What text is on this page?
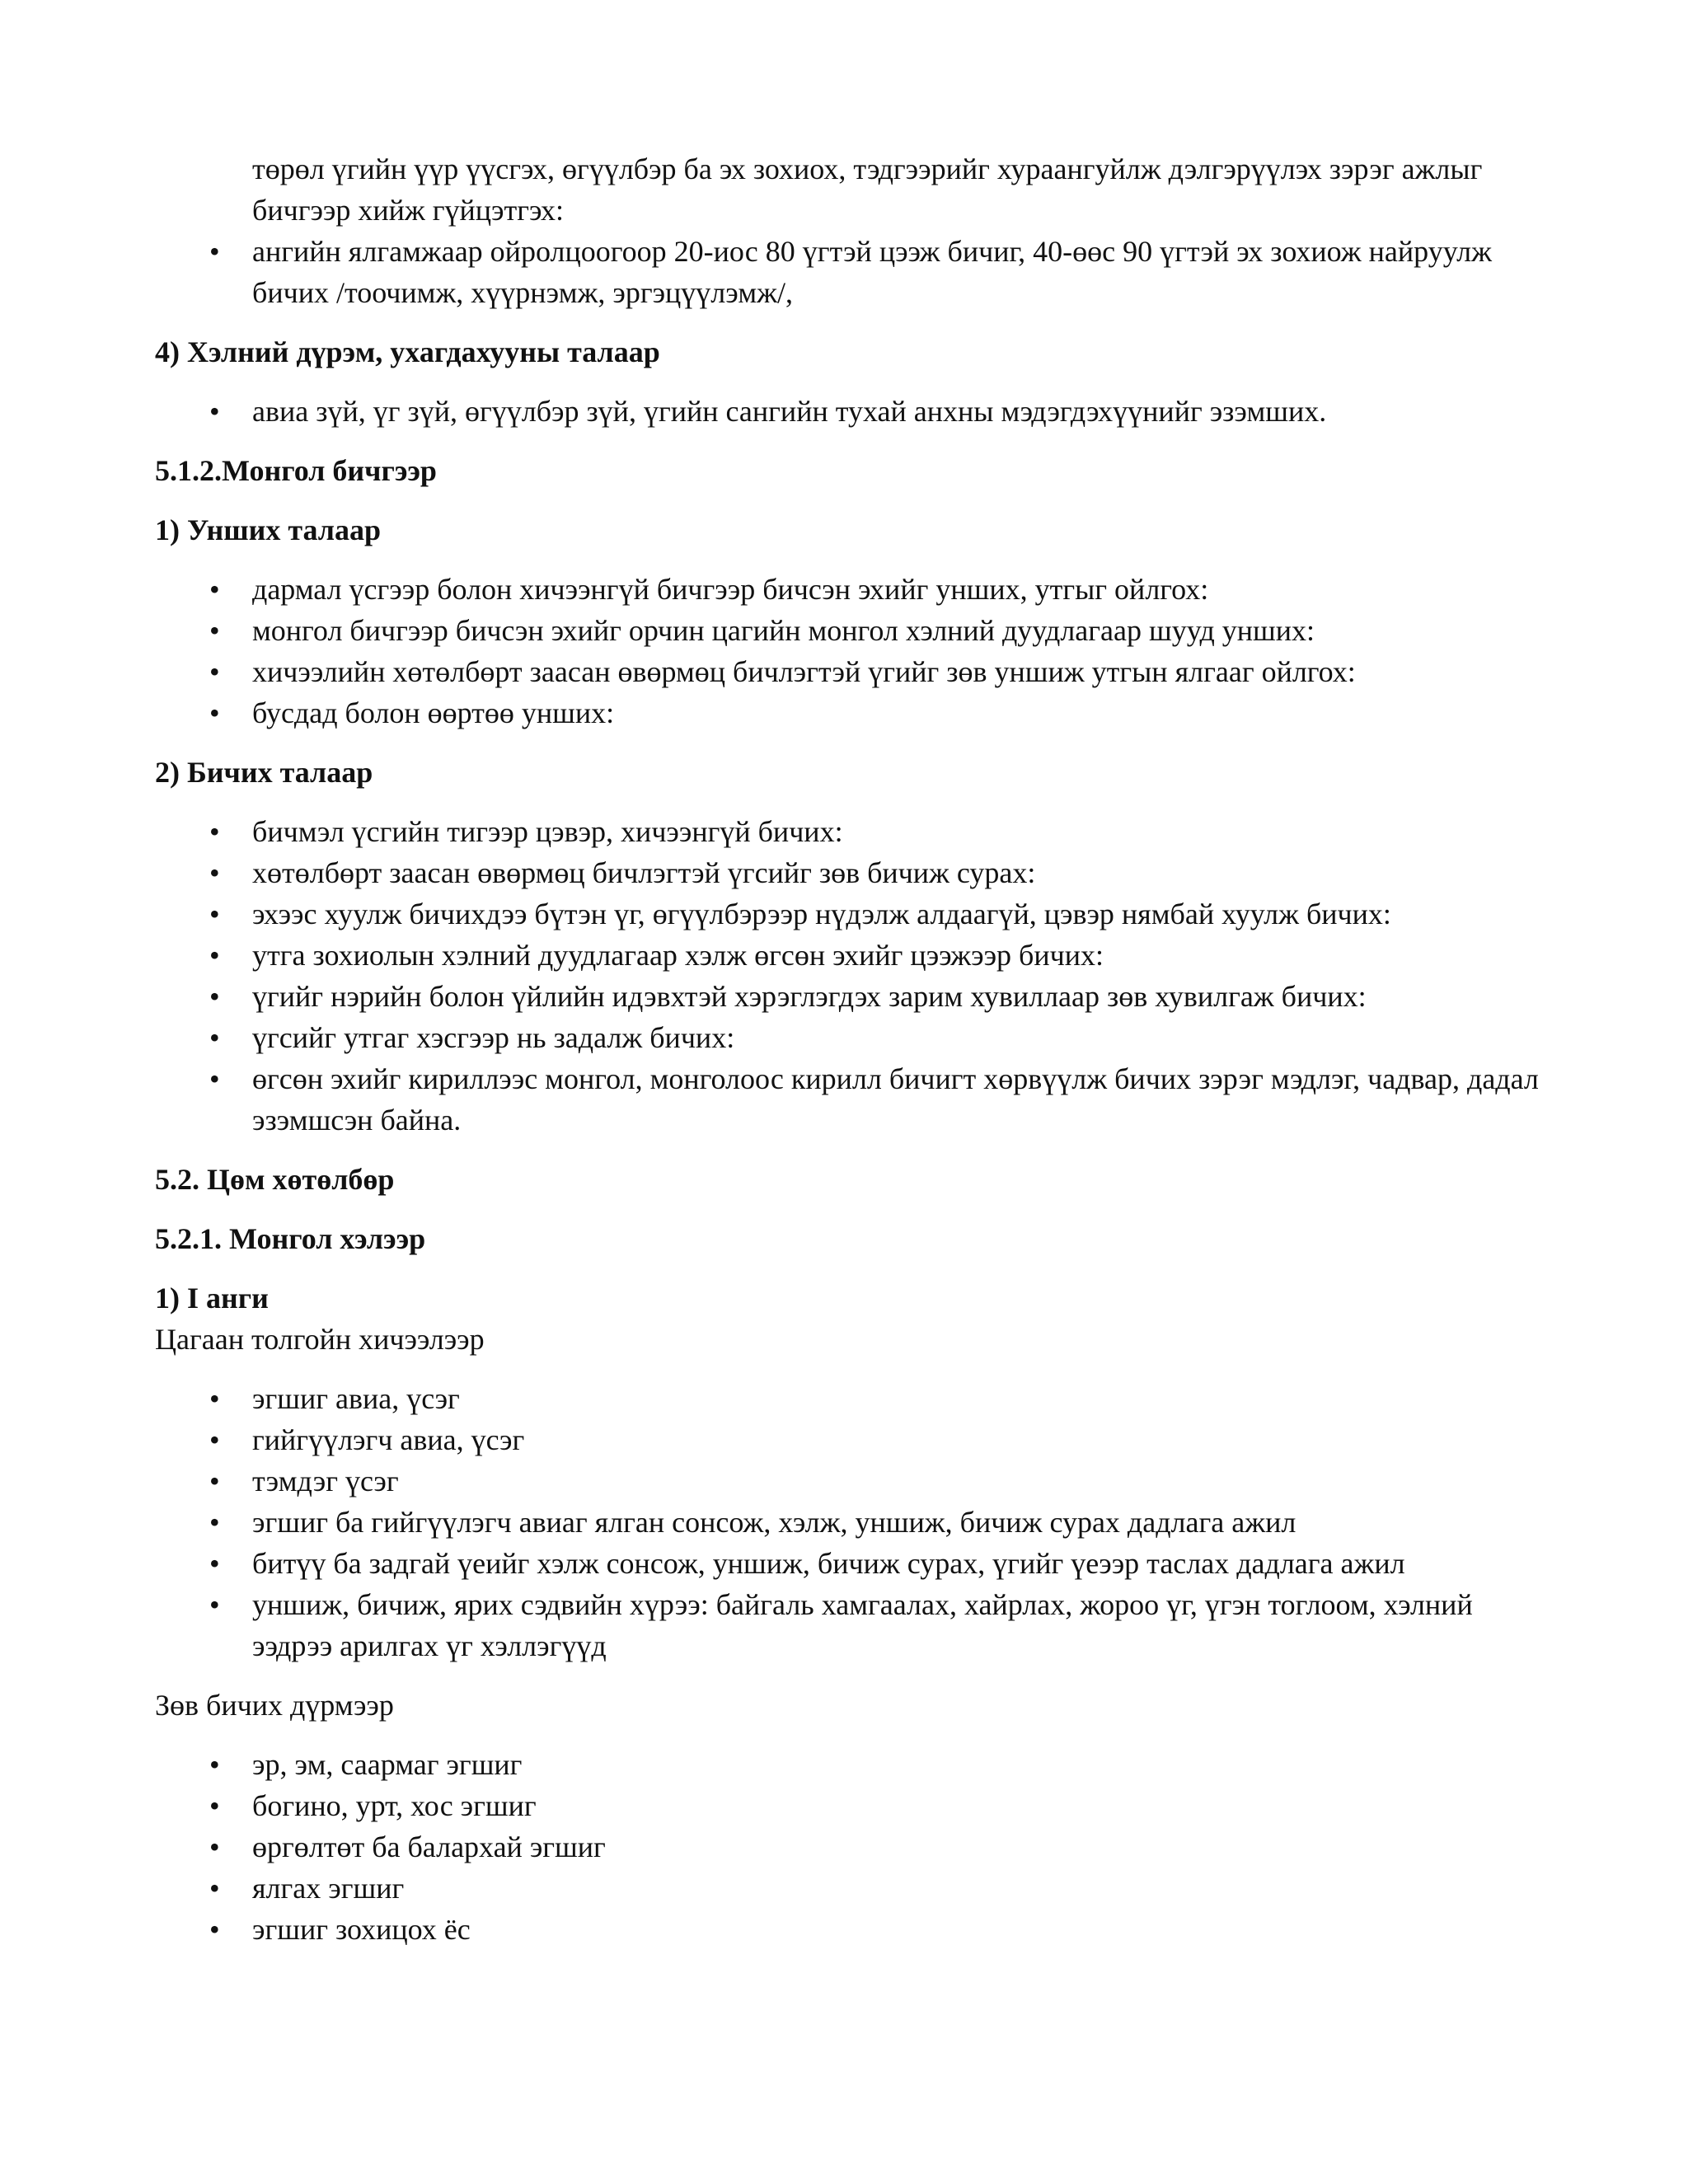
төрөл үгийн үүр үүсгэх, өгүүлбэр ба эх зохиох, тэдгээрийг хураангуйлж дэлгэрүүлэх зэрэг ажлыг бичгээр хийж гүйцэтгэх:
• ангийн ялгамжаар ойролцоогоор 20-иос 80 үгтэй цээж бичиг, 40-өөс 90 үгтэй эх зохиож найруулж бичих /тоочимж, хүүрнэмж, эргэцүүлэмж/,
4) Хэлний дүрэм, ухагдахууны талаар
• авиа зүй, үг зүй, өгүүлбэр зүй, үгийн сангийн тухай анхны мэдэгдэхүүнийг эзэмших.
5.1.2.Монгол бичгээр
1) Унших талаар
• дармал үсгээр болон хичээнгүй бичгээр бичсэн эхийг унших, утгыг ойлгох:
• монгол бичгээр бичсэн эхийг орчин цагийн монгол хэлний дуудлагаар шууд унших:
• хичээлийн хөтөлбөрт заасан өвөрмөц бичлэгтэй үгийг зөв уншиж утгын ялгааг ойлгох:
• бусдад болон өөртөө унших:
2) Бичих талаар
• бичмэл үсгийн тигээр цэвэр, хичээнгүй бичих:
• хөтөлбөрт заасан өвөрмөц бичлэгтэй үгсийг зөв бичиж сурах:
• эхээс хуулж бичихдээ бүтэн үг, өгүүлбэрээр нүдэлж алдаагүй, цэвэр нямбай хуулж бичих:
• утга зохиолын хэлний дуудлагаар хэлж өгсөн эхийг цээжээр бичих:
• үгийг нэрийн болон үйлийн идэвхтэй хэрэглэгдэх зарим хувиллаар зөв хувилгаж бичих:
• үгсийг утгаг хэсгээр нь задалж бичих:
• өгсөн эхийг кириллээс монгол, монголоос кирилл бичигт хөрвүүлж бичих зэрэг мэдлэг, чадвар, дадал эзэмшсэн байна.
5.2. Цөм хөтөлбөр
5.2.1. Монгол хэлээр
1) I анги
Цагаан толгойн хичээлээр
• эгшиг авиа, үсэг
• гийгүүлэгч авиа, үсэг
• тэмдэг үсэг
• эгшиг ба гийгүүлэгч авиаг ялган сонсож, хэлж, уншиж, бичиж сурах дадлага ажил
• битүү ба задгай үеийг хэлж сонсож, уншиж, бичиж сурах, үгийг үеээр таслах дадлага ажил
• уншиж, бичиж, ярих сэдвийн хүрээ: байгаль хамгаалах, хайрлах, жороо үг, үгэн тоглоом, хэлний ээдрээ арилгах үг хэллэгүүд
Зөв бичих дүрмээр
• эр, эм, саармаг эгшиг
• богино, урт, хос эгшиг
• өргөлтөт ба балархай эгшиг
• ялгах эгшиг
• эгшиг зохицох ёс
